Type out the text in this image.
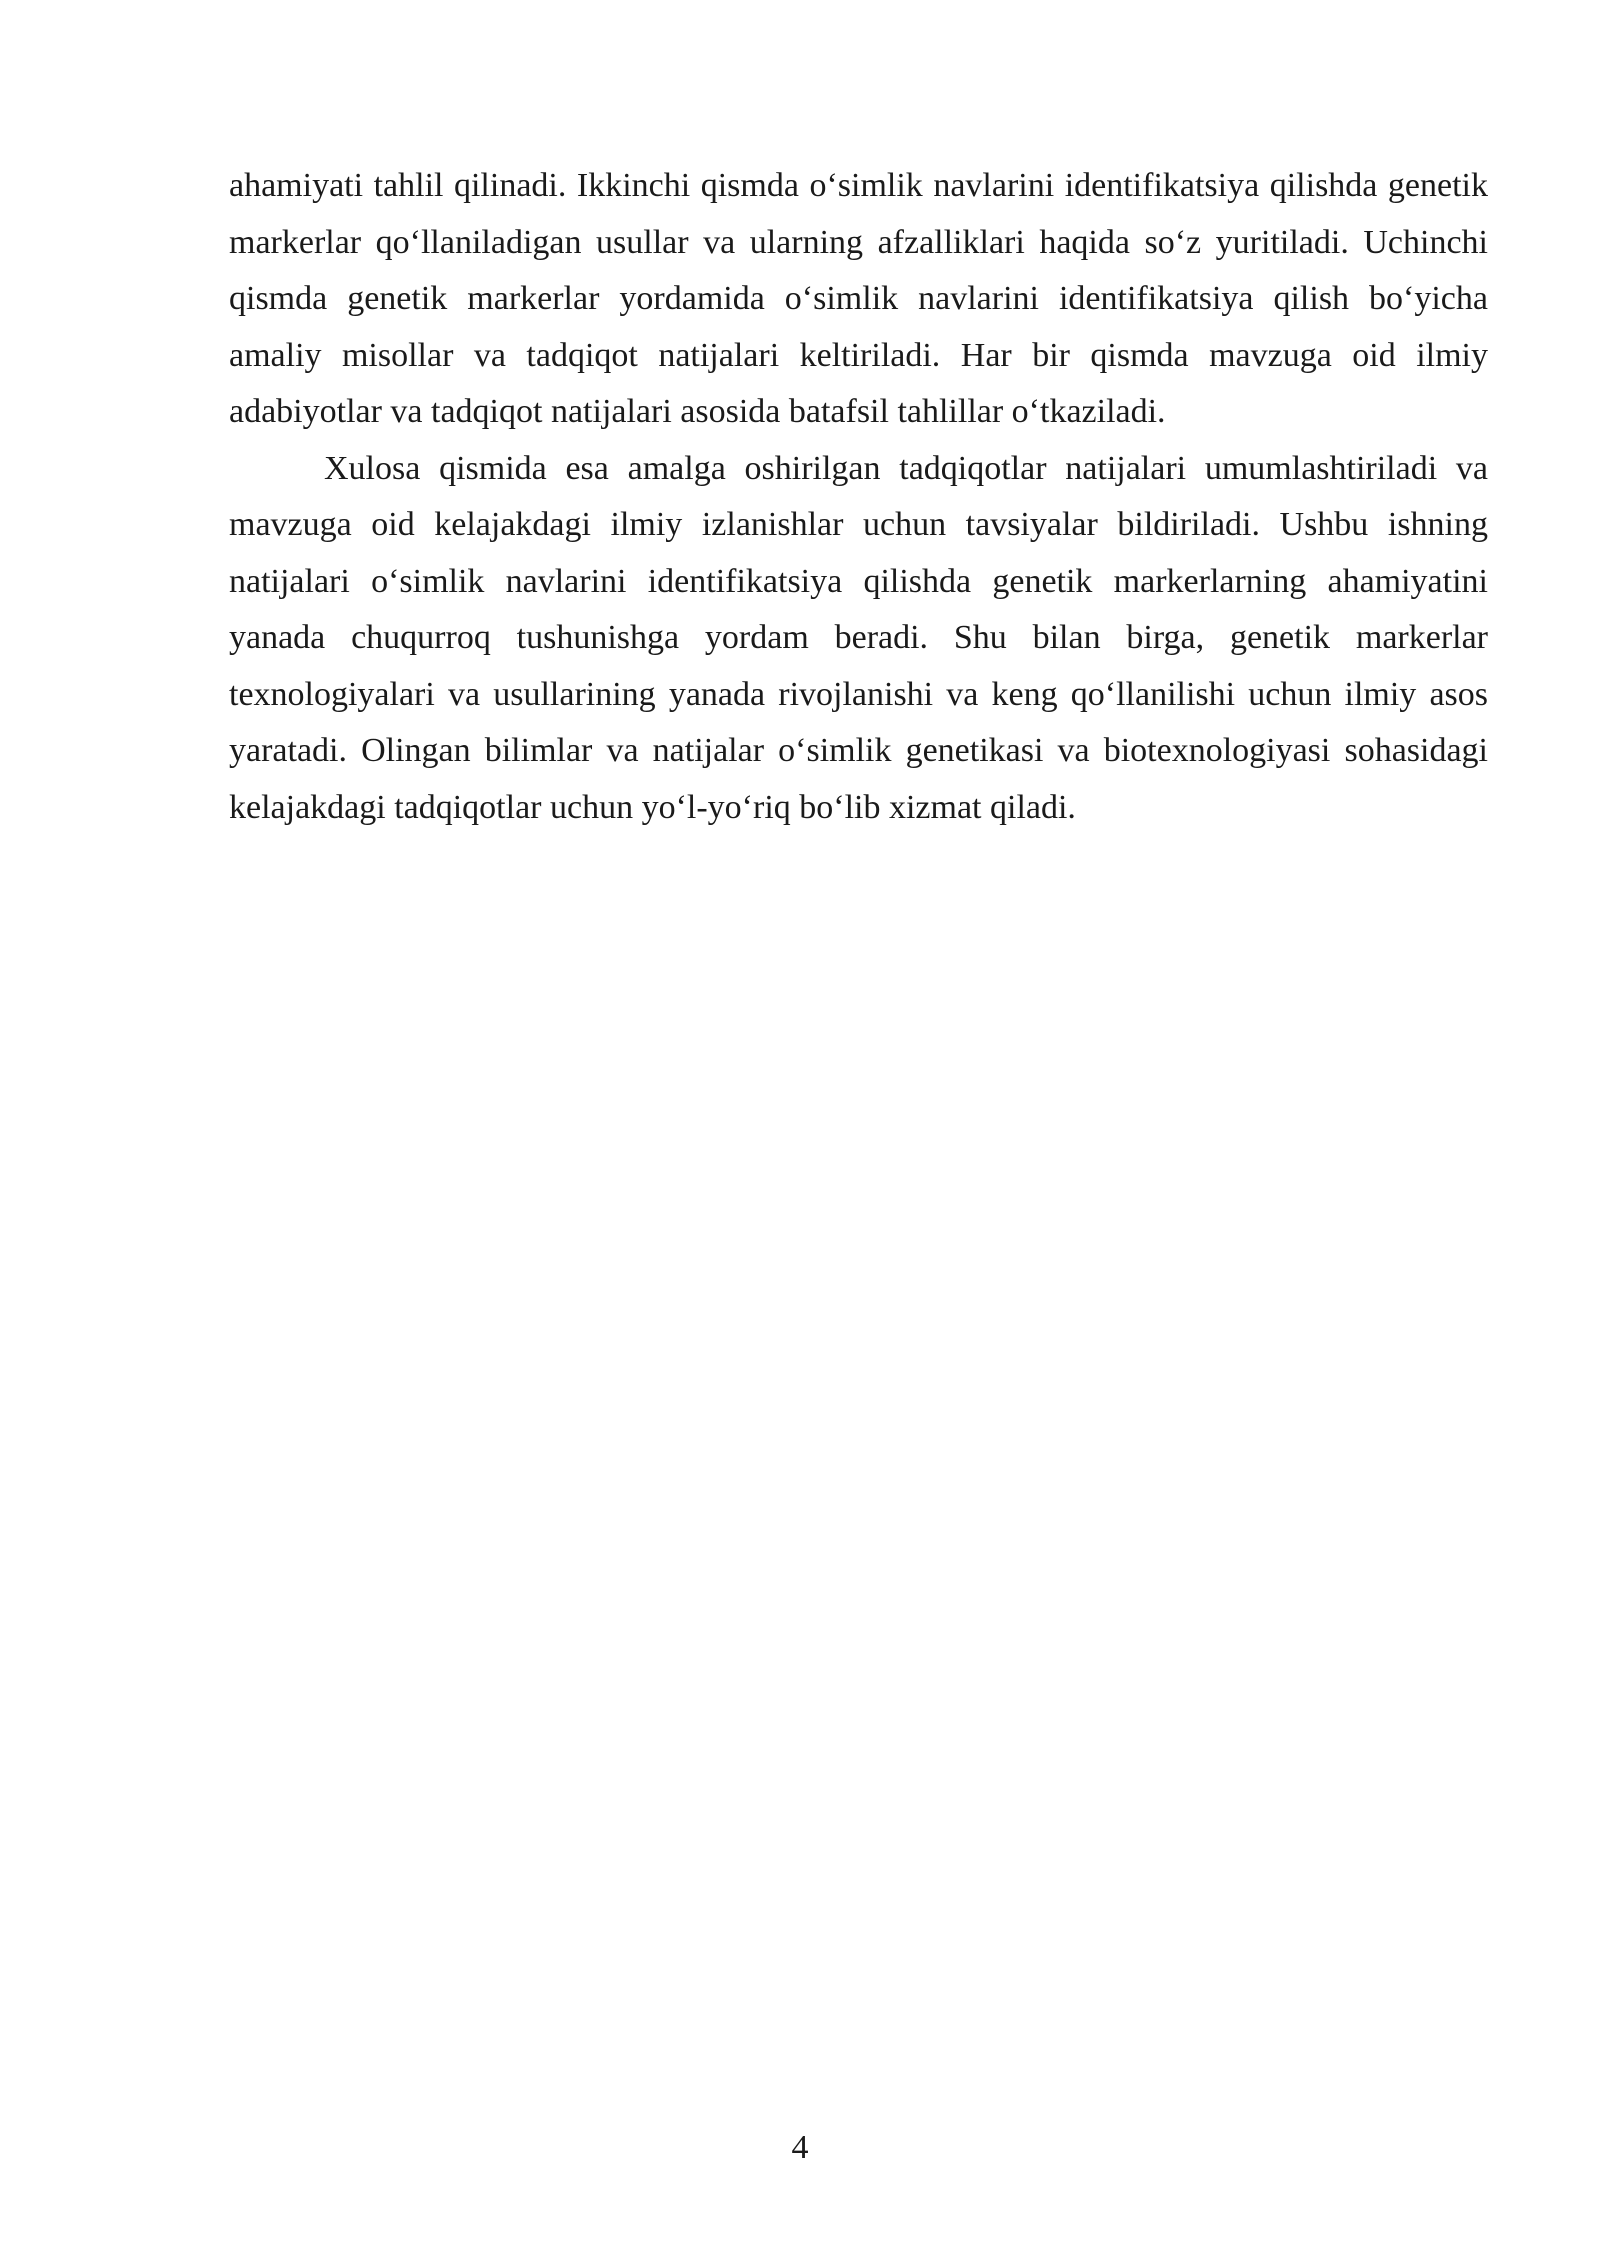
ahamiyati tahlil qilinadi. Ikkinchi qismda o‘simlik navlarini identifikatsiya qilishda genetik markerlar qo‘llaniladigan usullar va ularning afzalliklari haqida so‘z yuritiladi. Uchinchi qismda genetik markerlar yordamida o‘simlik navlarini identifikatsiya qilish bo‘yicha amaliy misollar va tadqiqot natijalari keltiriladi. Har bir qismda mavzuga oid ilmiy adabiyotlar va tadqiqot natijalari asosida batafsil tahlillar o‘tkaziladi.

Xulosa qismida esa amalga oshirilgan tadqiqotlar natijalari umumlashtiriladi va mavzuga oid kelajakdagi ilmiy izlanishlar uchun tavsiyalar bildiriladi. Ushbu ishning natijalari o‘simlik navlarini identifikatsiya qilishda genetik markerlarning ahamiyatini yanada chuqurroq tushunishga yordam beradi. Shu bilan birga, genetik markerlar texnologiyalari va usullarining yanada rivojlanishi va keng qo‘llanilishi uchun ilmiy asos yaratadi. Olingan bilimlar va natijalar o‘simlik genetikasi va biotexnologiyasi sohasidagi kelajakdagi tadqiqotlar uchun yo‘l-yo‘riq bo‘lib xizmat qiladi.

4
